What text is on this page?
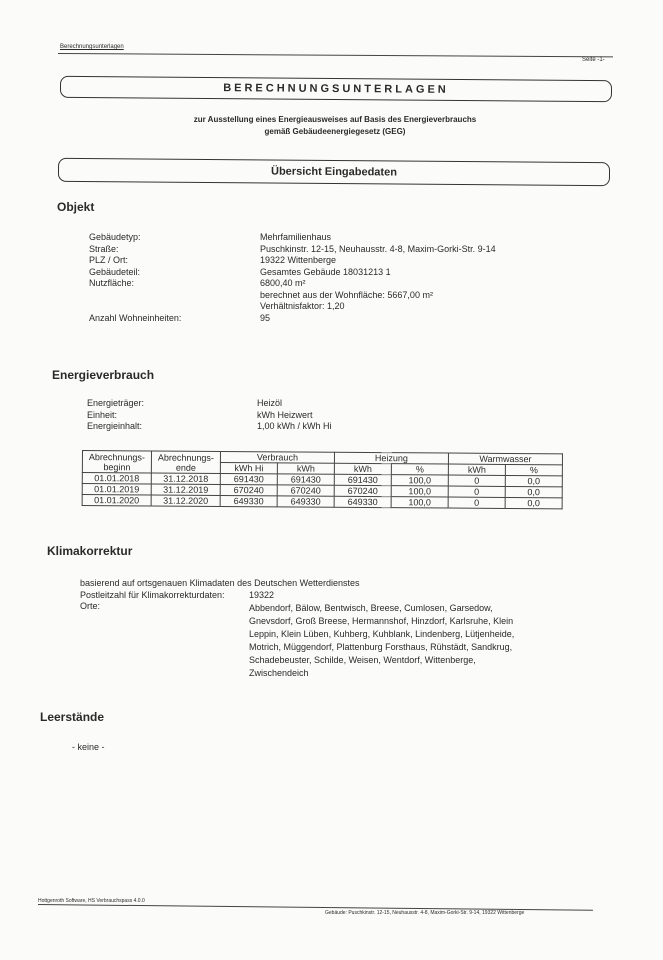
Berechnungsunterlagen
Seite -1-
BERECHNUNGSUNTERLAGEN
zur Ausstellung eines Energieausweises auf Basis des Energieverbrauchs
gemäß Gebäudeenergiegesetz (GEG)
Übersicht Eingabedaten
Objekt
Gebäudetyp:	Mehrfamilienhaus
Straße:	Puschkinstr. 12-15, Neuhausstr. 4-8, Maxim-Gorki-Str. 9-14
PLZ / Ort:	19322 Wittenberge
Gebäudeteil:	Gesamtes Gebäude 18031213 1
Nutzfläche:	6800,40 m²
berechnet aus der Wohnfläche: 5667,00 m²
Verhältnisfaktor: 1,20
Anzahl Wohneinheiten:	95
Energieverbrauch
Energieträger:	Heizöl
Einheit:	kWh Heizwert
Energieinhalt:	1,00 kWh / kWh Hi
Abrechnungs-beginn	Abrechnungs-ende	Verbrauch		Heizung		Warmwasser	
		kWh Hi	kWh	kWh	%	kWh	%
01.01.2018	31.12.2018	691430	691430	691430	100,0	0	0,0
01.01.2019	31.12.2019	670240	670240	670240	100,0	0	0,0
01.01.2020	31.12.2020	649330	649330	649330	100,0	0	0,0
Klimakorrektur
basierend auf ortsgenauen Klimadaten des Deutschen Wetterdienstes
Postleitzahl für Klimakorrekturdaten:	19322
Orte:	Abbendorf, Bälow, Bentwisch, Breese, Cumlosen, Garsedow,
Gnevsdorf, Groß Breese, Hermannshof, Hinzdorf, Karlsruhe, Klein
Leppin, Klein Lüben, Kuhberg, Kuhblank, Lindenberg, Lütjenheide,
Motrich, Müggendorf, Plattenburg Forsthaus, Rühstädt, Sandkrug,
Schadebeuster, Schilde, Weisen, Wentdorf, Wittenberge,
Zwischendeich
Leerstände
- keine -
Hottgenroth Software, HS Verbrauchspass 4.0.0
Gebäude: Puschkinstr. 12-15, Neuhausstr. 4-8, Maxim-Gorki-Str. 9-14, 19322 Wittenberge
